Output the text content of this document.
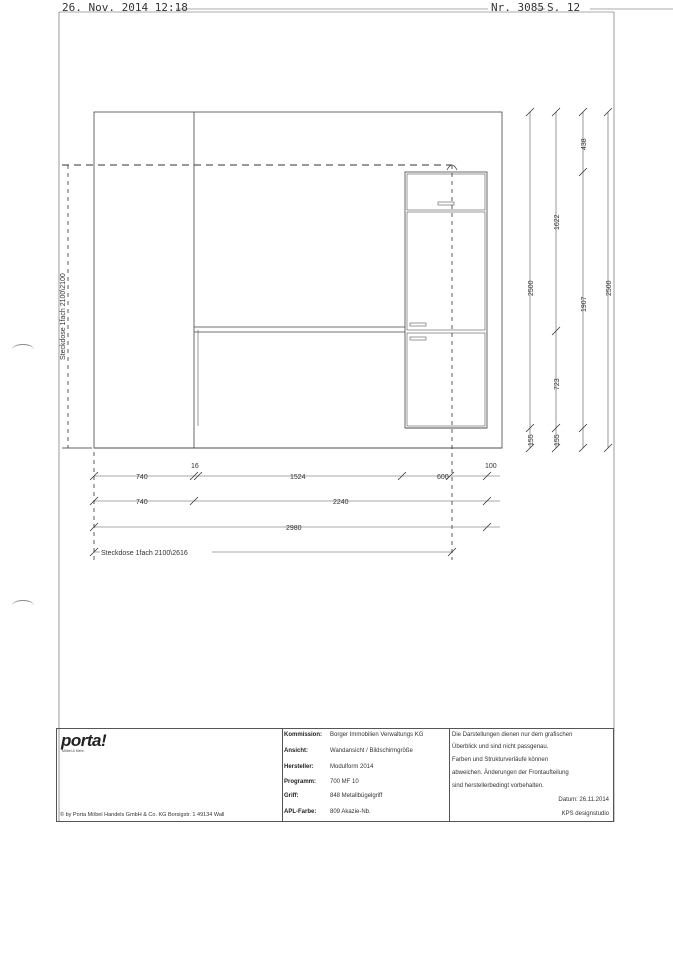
26. Nov. 2014 12:18	Nr. 3085 S. 12
Steckdose 1fach 2100\2100	2500
155
1622
723
155
438
1907
2500
740
16
1524	600
100
740	2240
2980
Steckdose 1fach 2100\2616
porta!
Möbel & Mehr
© by Porta Möbel Handels GmbH & Co. KG Borsigstr. 1 49134 Wall
Kommission: Borger Immobilien Verwaltungs KG
Ansicht:	Wandansicht / Bildschirmgröße
Hersteller:	Modulform 2014
Programm: 700 MF 10
Griff:	848 Metallbügelgriff
APL-Farbe: 809 Akazie-Nb.
Die Darstellungen dienen nur dem grafischen
Überblick und sind nicht passgenau.
Farben und Strukturverläufe können
abweichen. Änderungen der Frontaufteilung
sind herstellerbedingt vorbehalten.
Datum: 26.11.2014
KPS designstudio
